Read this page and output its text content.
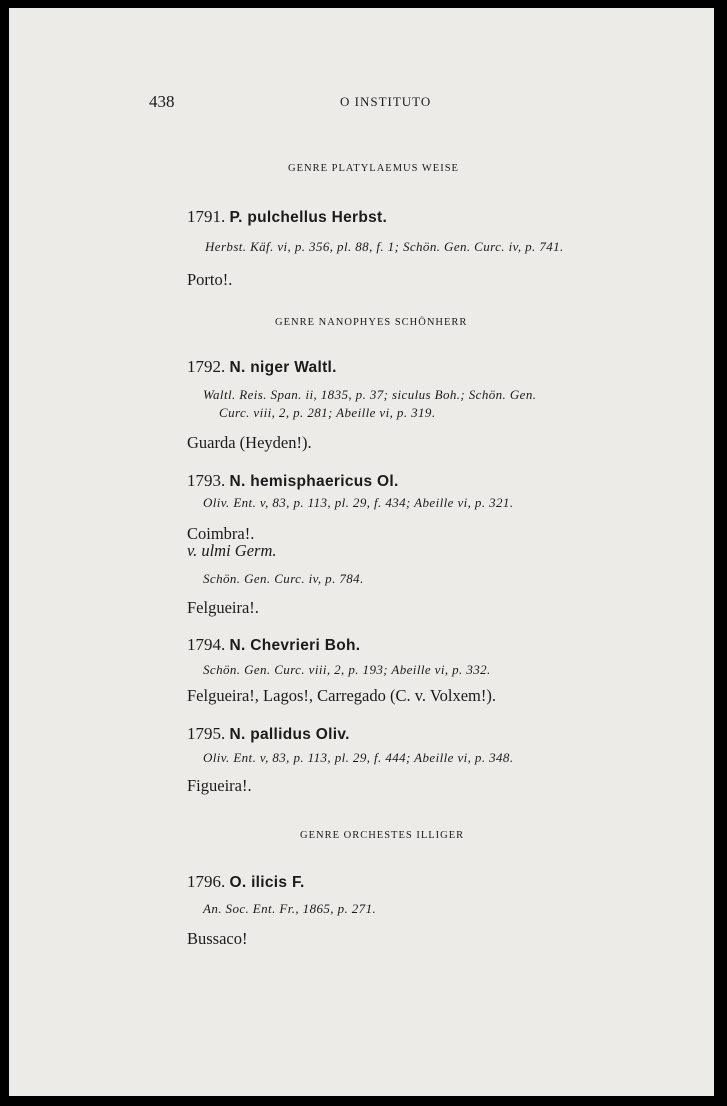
438	O INSTITUTO
GENRE PLATYLAEMUS WEISE
1791. P. pulchellus Herbst.
Herbst. Käf. vi, p. 356, pl. 88, f. 1; Schön. Gen. Curc. iv, p. 741.
Porto!.
GENRE NANOPHYES SCHÖNHERR
1792. N. niger Waltl.
Waltl. Reis. Span. ii, 1835, p. 37; siculus Boh.; Schön. Gen.
Curc. viii, 2, p. 281; Abeille vi, p. 319.
Guarda (Heyden!).
1793. N. hemisphaericus Ol.
Oliv. Ent. v, 83, p. 113, pl. 29, f. 434; Abeille vi, p. 321.
Coimbra!.
v. ulmi Germ.
Schön. Gen. Curc. iv, p. 784.
Felgueira!.
1794. N. Chevrieri Boh.
Schön. Gen. Curc. viii, 2, p. 193; Abeille vi, p. 332.
Felgueira!, Lagos!, Carregado (C. v. Volxem!).
1795. N. pallidus Oliv.
Oliv. Ent. v, 83, p. 113, pl. 29, f. 444; Abeille vi, p. 348.
Figueira!.
GENRE ORCHESTES ILLIGER
1796. O. ilicis F.
An. Soc. Ent. Fr., 1865, p. 271.
Bussaco!
